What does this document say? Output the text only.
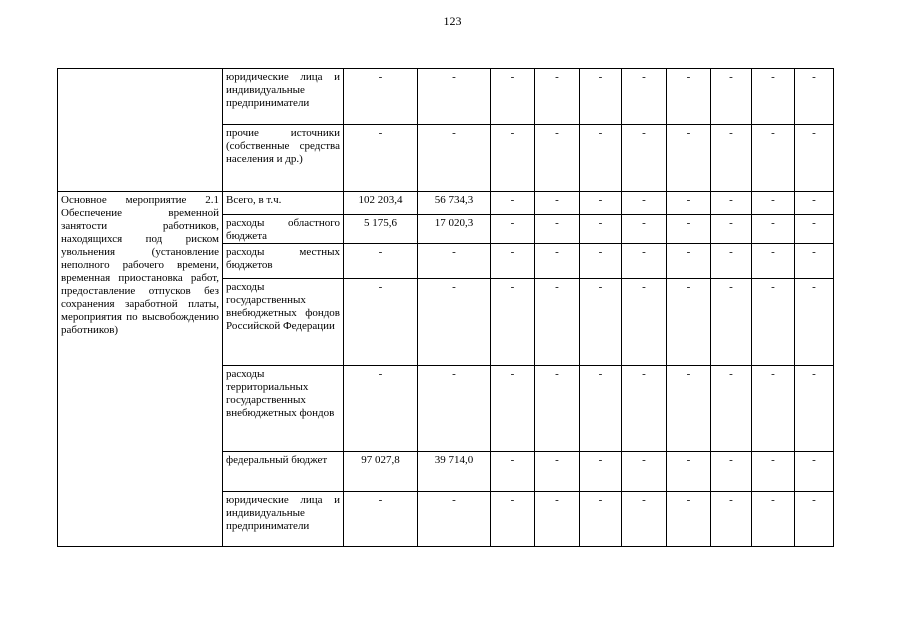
123
	юридические лица и индивидуальные предприниматели	-	-	-	-	-	-	-	-	-	-
	прочие источники (собственные средства населения и др.)	-	-	-	-	-	-	-	-	-	-
Основное мероприятие 2.1 Обеспечение временной занятости работников, находящихся под риском увольнения (установление неполного рабочего времени, временная приостановка работ, предоставление отпусков без сохранения заработной платы, мероприятия по высвобождению работников)	Всего, в т.ч.	102 203,4	56 734,3	-	-	-	-	-	-	-	-
	расходы областного бюджета	5 175,6	17 020,3	-	-	-	-	-	-	-	-
	расходы местных бюджетов	-	-	-	-	-	-	-	-	-	-
	расходы государственных внебюджетных фондов Российской Федерации	-	-	-	-	-	-	-	-	-	-
	расходы территориальных государственных внебюджетных фондов	-	-	-	-	-	-	-	-	-	-
	федеральный бюджет	97 027,8	39 714,0	-	-	-	-	-	-	-	-
	юридические лица и индивидуальные предприниматели	-	-	-	-	-	-	-	-	-	-
